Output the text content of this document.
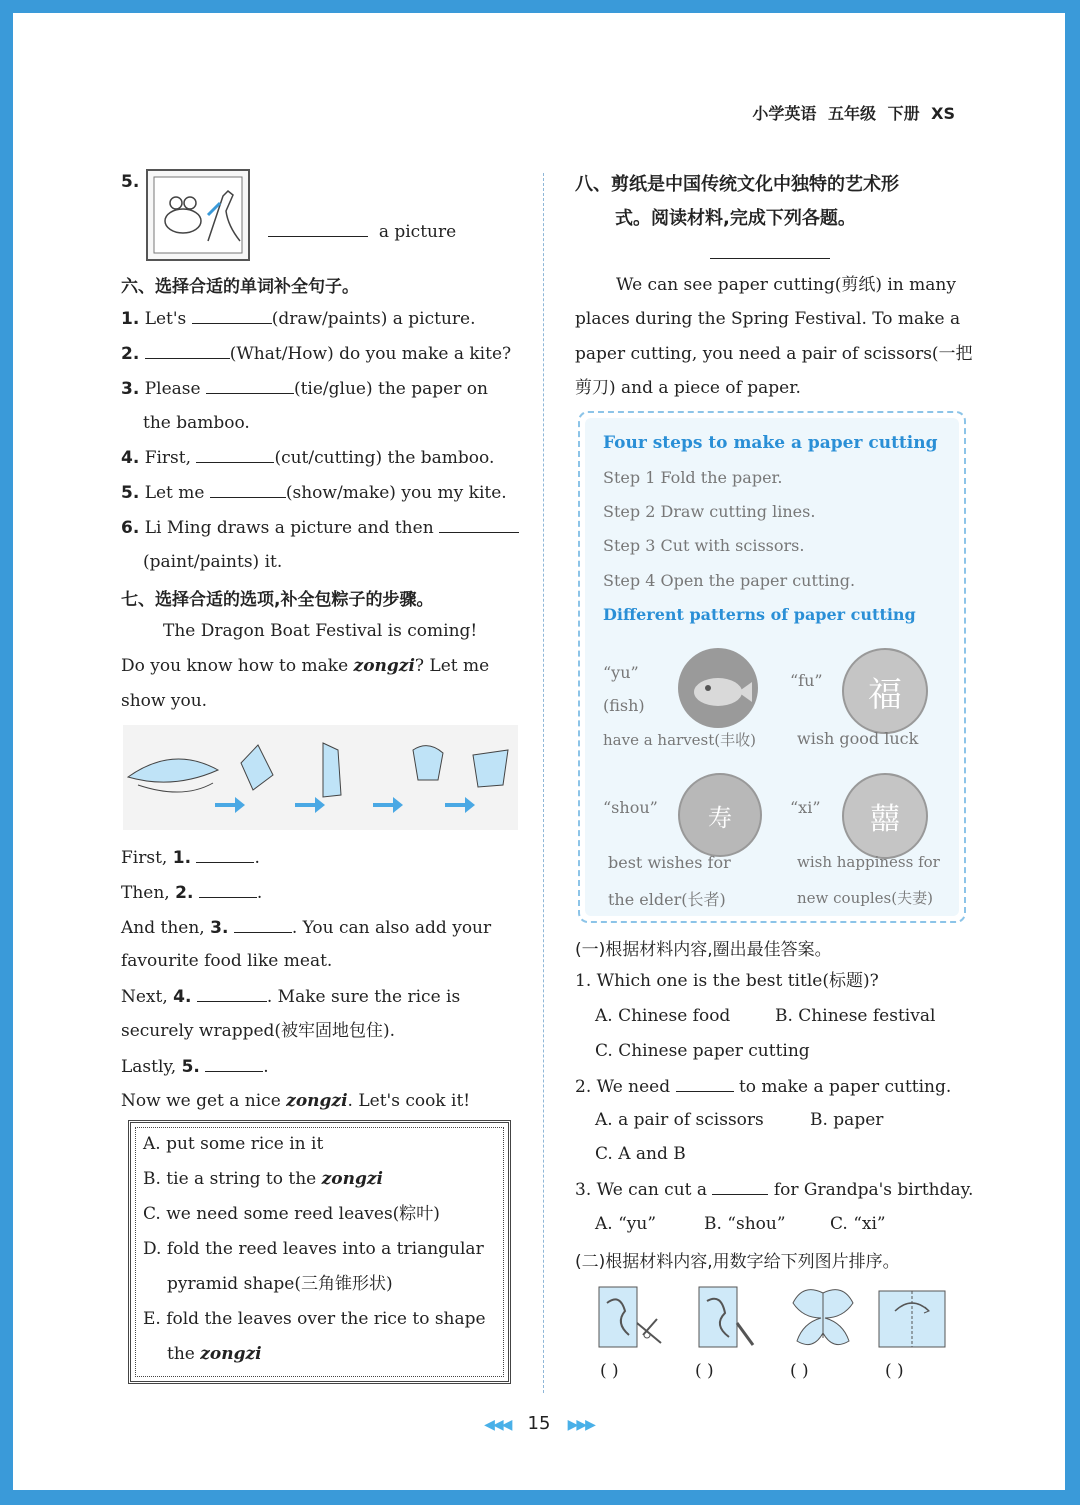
小学英语 五年级 下册 XS
5.
a picture
六、选择合适的单词补全句子。
1. Let's	(draw/paints) a picture.
2.	(What/How) do you make a kite?
3. Please	(tie/glue) the paper on
the bamboo.
4. First,	(cut/cutting) the bamboo.
5. Let me	(show/make) you my kite.
6. Li Ming draws a picture and then
(paint/paints) it.
七、选择合适的选项,补全包粽子的步骤。
The Dragon Boat Festival is coming!
Do you know how to make zongzi? Let me
show you.
First, 1.	.
Then, 2.	.
And then, 3.	. You can also add your
favourite food like meat.
Next, 4.	. Make sure the rice is
securely wrapped(被牢固地包住).
Lastly, 5.	.
Now we get a nice zongzi. Let's cook it!
A. put some rice in it
B. tie a string to the zongzi
C. we need some reed leaves(粽叶)
D. fold the reed leaves into a triangular
pyramid shape(三角锥形状)
E. fold the leaves over the rice to shape
the zongzi
八、剪纸是中国传统文化中独特的艺术形
式。阅读材料,完成下列各题。
We can see paper cutting(剪纸) in many
places during the Spring Festival. To make a
paper cutting, you need a pair of scissors(一把
剪刀) and a piece of paper.
Four steps to make a paper cutting
Step 1 Fold the paper.
Step 2 Draw cutting lines.
Step 3 Cut with scissors.
Step 4 Open the paper cutting.
Different patterns of paper cutting
“yu”
(fish)
have a harvest(丰收)
“fu” 福
wish good luck
“shou” 寿
best wishes for
the elder(长者)
“xi” 囍
wish happiness for
new couples(夫妻)
(一)根据材料内容,圈出最佳答案。
1. Which one is the best title(标题)?
A. Chinese food	B. Chinese festival
C. Chinese paper cutting
2. We need	to make a paper cutting.
A. a pair of scissors	B. paper
C. A and B
3. We can cut a	for Grandpa's birthday.
A. “yu”	B. “shou”	C. “xi”
(二)根据材料内容,用数字给下列图片排序。
( )	( )	( )	( )
◀◀◀ 15 ▶▶▶
